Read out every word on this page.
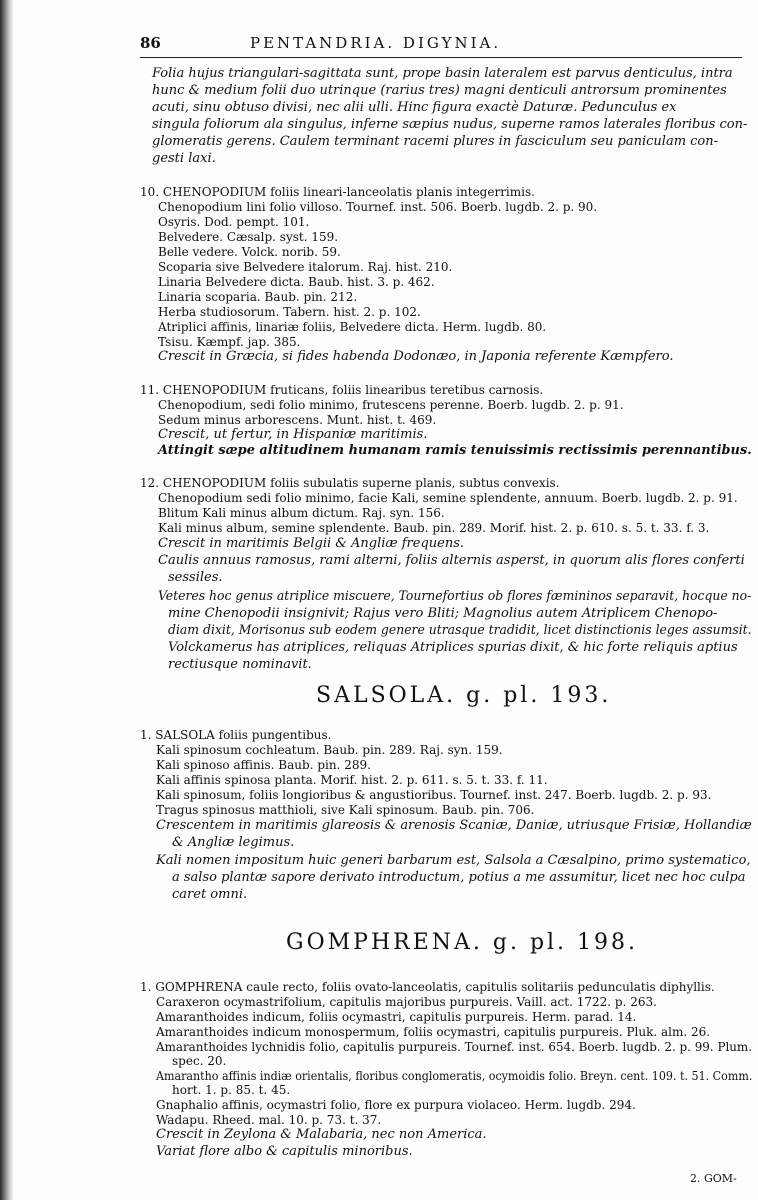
86	PENTANDRIA. DIGYNIA.
Folia hujus triangulari-sagittata sunt, prope basin lateralem est parvus denticulus, intra
hunc & medium folii duo utrinque (rarius tres) magni denticuli antrorsum prominentes
acuti, sinu obtuso divisi, nec alii ulli. Hinc figura exactè Daturæ. Pedunculus ex
singula foliorum ala singulus, inferne sæpius nudus, superne ramos laterales floribus con-
glomeratis gerens. Caulem terminant racemi plures in fasciculum seu paniculam con-
gesti laxi.
10. CHENOPODIUM foliis lineari-lanceolatis planis integerrimis.
Chenopodium lini folio villoso. Tournef. inst. 506. Boerb. lugdb. 2. p. 90.
Osyris. Dod. pempt. 101.
Belvedere. Cæsalp. syst. 159.
Belle vedere. Volck. norib. 59.
Scoparia sive Belvedere italorum. Raj. hist. 210.
Linaria Belvedere dicta. Baub. hist. 3. p. 462.
Linaria scoparia. Baub. pin. 212.
Herba studiosorum. Tabern. hist. 2. p. 102.
Atriplici affinis, linariæ foliis, Belvedere dicta. Herm. lugdb. 80.
Tsisu. Kæmpf. jap. 385.
Crescit in Græcia, si fides habenda Dodonæo, in Japonia referente Kæmpfero.
11. CHENOPODIUM fruticans, foliis linearibus teretibus carnosis.
Chenopodium, sedi folio minimo, frutescens perenne. Boerb. lugdb. 2. p. 91.
Sedum minus arborescens. Munt. hist. t. 469.
Crescit, ut fertur, in Hispaniæ maritimis.
Attingit sæpe altitudinem humanam ramis tenuissimis rectissimis perennantibus.
12. CHENOPODIUM foliis subulatis superne planis, subtus convexis.
Chenopodium sedi folio minimo, facie Kali, semine splendente, annuum. Boerb. lugdb. 2. p. 91.
Blitum Kali minus album dictum. Raj. syn. 156.
Kali minus album, semine splendente. Baub. pin. 289. Morif. hist. 2. p. 610. s. 5. t. 33. f. 3.
Crescit in maritimis Belgii & Angliæ frequens.
Caulis annuus ramosus, rami alterni, foliis alternis asperst, in quorum alis flores conferti
sessiles.
Veteres hoc genus atriplice miscuere, Tournefortius ob flores fæmininos separavit, hocque no-
mine Chenopodii insignivit; Rajus vero Bliti; Magnolius autem Atriplicem Chenopo-
diam dixit, Morisonus sub eodem genere utrasque tradidit, licet distinctionis leges assumsit.
Volckamerus has atriplices, reliquas Atriplices spurias dixit, & hic forte reliquis aptius
rectiusque nominavit.
SALSOLA. g. pl. 193.
1. SALSOLA foliis pungentibus.
Kali spinosum cochleatum. Baub. pin. 289. Raj. syn. 159.
Kali spinoso affinis. Baub. pin. 289.
Kali affinis spinosa planta. Morif. hist. 2. p. 611. s. 5. t. 33. f. 11.
Kali spinosum, foliis longioribus & angustioribus. Tournef. inst. 247. Boerb. lugdb. 2. p. 93.
Tragus spinosus matthioli, sive Kali spinosum. Baub. pin. 706.
Crescentem in maritimis glareosis & arenosis Scaniæ, Daniæ, utriusque Frisiæ, Hollandiæ
& Angliæ legimus.
Kali nomen impositum huic generi barbarum est, Salsola a Cæsalpino, primo systematico,
a salso plantæ sapore derivato introductum, potius a me assumitur, licet nec hoc culpa
caret omni.
GOMPHRENA. g. pl. 198.
1. GOMPHRENA caule recto, foliis ovato-lanceolatis, capitulis solitariis pedunculatis diphyllis.
Caraxeron ocymastrifolium, capitulis majoribus purpureis. Vaill. act. 1722. p. 263.
Amaranthoides indicum, foliis ocymastri, capitulis purpureis. Herm. parad. 14.
Amaranthoides indicum monospermum, foliis ocymastri, capitulis purpureis. Pluk. alm. 26.
Amaranthoides lychnidis folio, capitulis purpureis. Tournef. inst. 654. Boerb. lugdb. 2. p. 99. Plum.
spec. 20.
Amarantho affinis indiæ orientalis, floribus conglomeratis, ocymoidis folio. Breyn. cent. 109. t. 51. Comm.
hort. 1. p. 85. t. 45.
Gnaphalio affinis, ocymastri folio, flore ex purpura violaceo. Herm. lugdb. 294.
Wadapu. Rheed. mal. 10. p. 73. t. 37.
Crescit in Zeylona & Malabaria, nec non America.
Variat flore albo & capitulis minoribus.
2. GOM-
